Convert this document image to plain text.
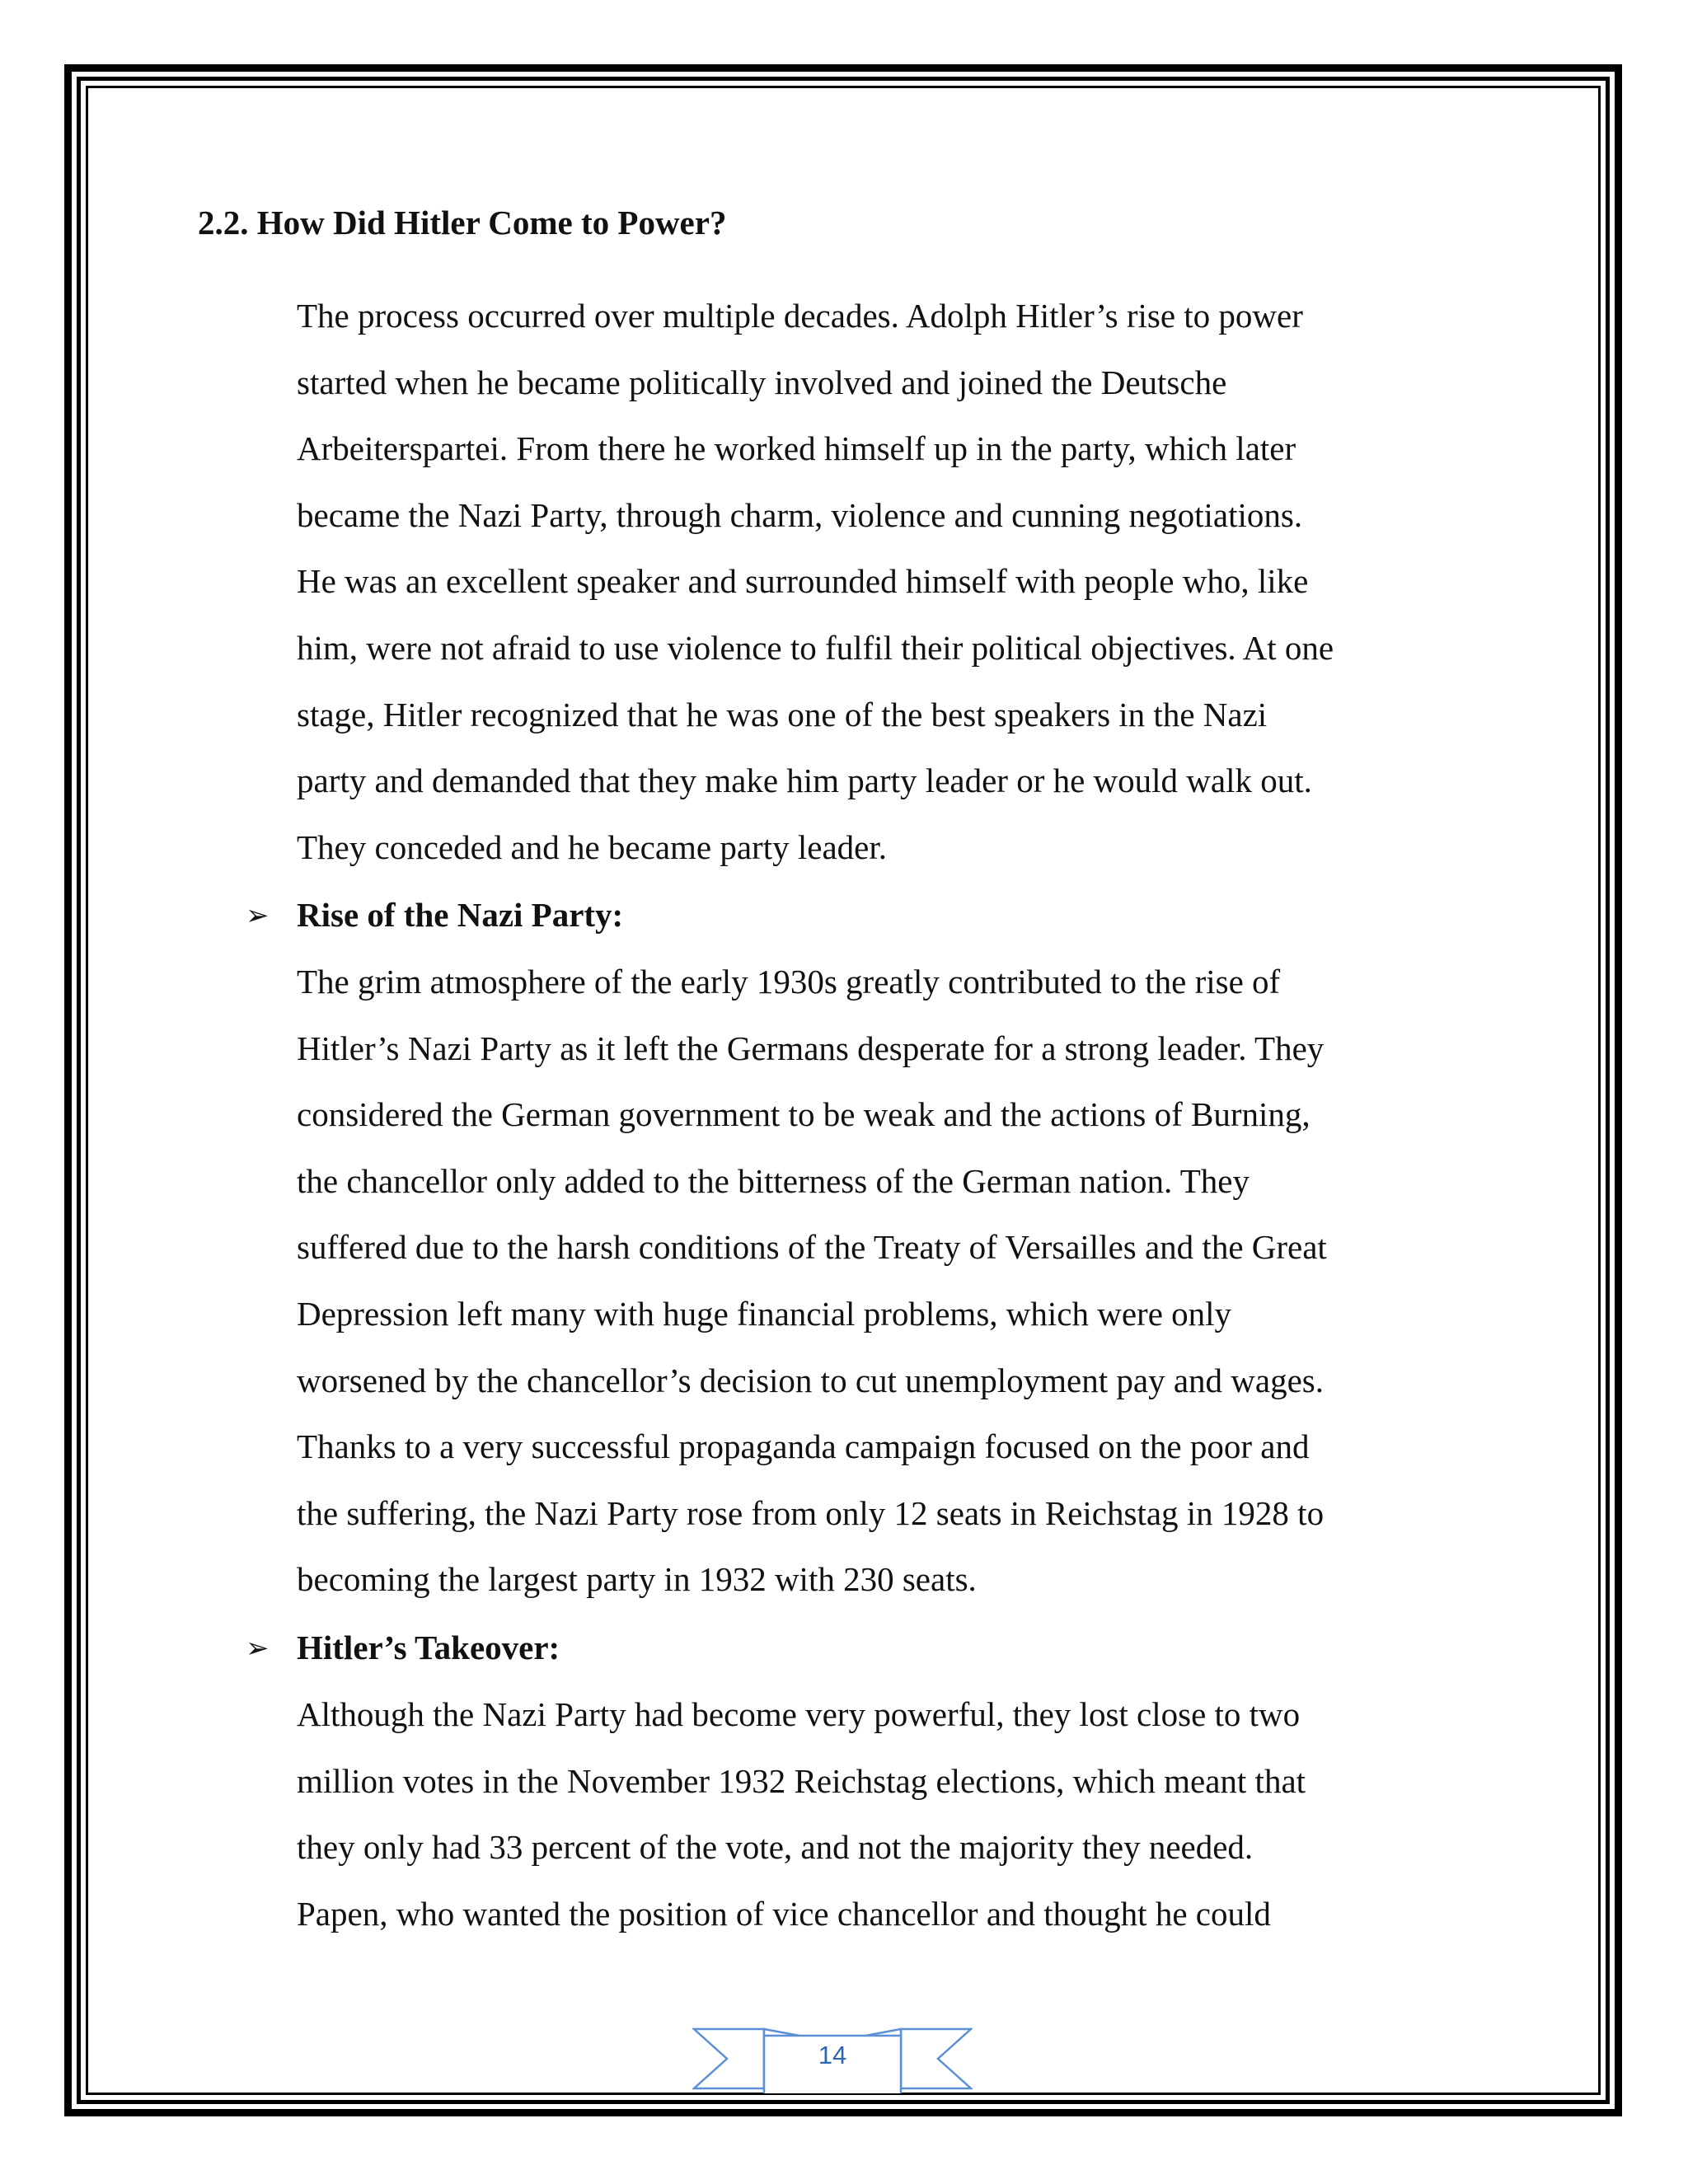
2.2. How Did Hitler Come to Power?
The process occurred over multiple decades. Adolph Hitler’s rise to power
started when he became politically involved and joined the Deutsche
Arbeiterspartei. From there he worked himself up in the party, which later
became the Nazi Party, through charm, violence and cunning negotiations.
He was an excellent speaker and surrounded himself with people who, like
him, were not afraid to use violence to fulfil their political objectives. At one
stage, Hitler recognized that he was one of the best speakers in the Nazi
party and demanded that they make him party leader or he would walk out.
They conceded and he became party leader.
➢ Rise of the Nazi Party:
The grim atmosphere of the early 1930s greatly contributed to the rise of
Hitler’s Nazi Party as it left the Germans desperate for a strong leader. They
considered the German government to be weak and the actions of Burning,
the chancellor only added to the bitterness of the German nation. They
suffered due to the harsh conditions of the Treaty of Versailles and the Great
Depression left many with huge financial problems, which were only
worsened by the chancellor’s decision to cut unemployment pay and wages.
Thanks to a very successful propaganda campaign focused on the poor and
the suffering, the Nazi Party rose from only 12 seats in Reichstag in 1928 to
becoming the largest party in 1932 with 230 seats.
➢ Hitler’s Takeover:
Although the Nazi Party had become very powerful, they lost close to two
million votes in the November 1932 Reichstag elections, which meant that
they only had 33 percent of the vote, and not the majority they needed.
Papen, who wanted the position of vice chancellor and thought he could
14
